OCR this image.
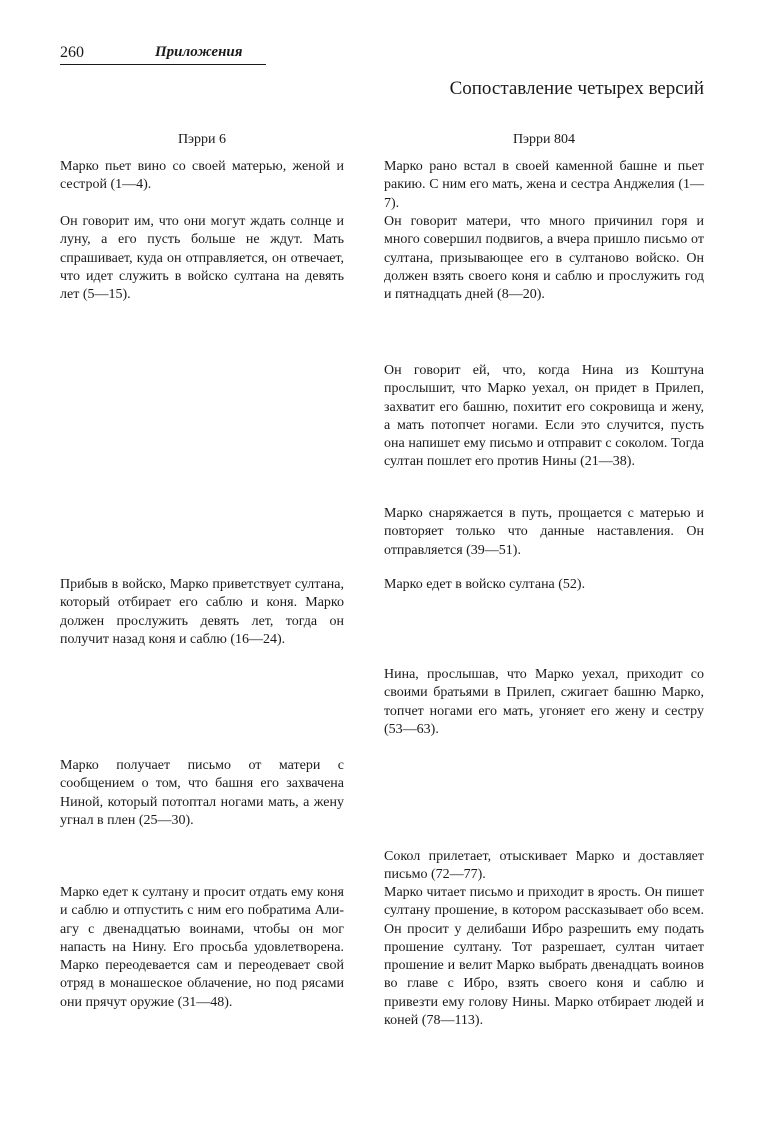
260	Приложения
Сопоставление четырех версий
Пэрри 6	Пэрри 804

Марко пьет вино со своей матерью, женой и сестрой (1—4).

Он говорит им, что они могут ждать солнце и луну, а его пусть больше не ждут. Мать спрашивает, куда он отправляется, он отвечает, что идет служить в войско султана на девять лет (5—15).

Прибыв в войско, Марко приветствует султана, который отбирает его саблю и коня. Марко должен прослужить девять лет, тогда он получит назад коня и саблю (16—24).

Марко получает письмо от матери с сообщением о том, что башня его захвачена Ниной, который потоптал ногами мать, а жену угнал в плен (25—30).

Марко едет к султану и просит отдать ему коня и саблю и отпустить с ним его побратима Али-агу с двенадцатью воинами, чтобы он мог напасть на Нину. Его просьба удовлетворена. Марко переодевается сам и переодевает свой отряд в монашеское облачение, но под рясами они прячут оружие (31—48).

Марко рано встал в своей каменной башне и пьет ракию. С ним его мать, жена и сестра Анджелия (1—7).

Он говорит матери, что много причинил горя и много совершил подвигов, а вчера пришло письмо от султана, призывающее его в султаново войско. Он должен взять своего коня и саблю и прослужить год и пятнадцать дней (8—20).

Он говорит ей, что, когда Нина из Коштуна прослышит, что Марко уехал, он придет в Прилеп, захватит его башню, похитит его сокровища и жену, а мать потопчет ногами. Если это случится, пусть она напишет ему письмо и отправит с соколом. Тогда султан пошлет его против Нины (21—38).

Марко снаряжается в путь, прощается с матерью и повторяет только что данные наставления. Он отправляется (39—51).

Марко едет в войско султана (52).

Нина, прослышав, что Марко уехал, приходит со своими братьями в Прилеп, сжигает башню Марко, топчет ногами его мать, угоняет его жену и сестру (53—63).

Сокол прилетает, отыскивает Марко и доставляет письмо (72—77).

Марко читает письмо и приходит в ярость. Он пишет султану прошение, в котором рассказывает обо всем. Он просит у делибаши Ибро разрешить ему подать прошение султану. Тот разрешает, султан читает прошение и велит Марко выбрать двенадцать воинов во главе с Ибро, взять своего коня и саблю и привезти ему голову Нины. Марко отбирает людей и коней (78—113).
